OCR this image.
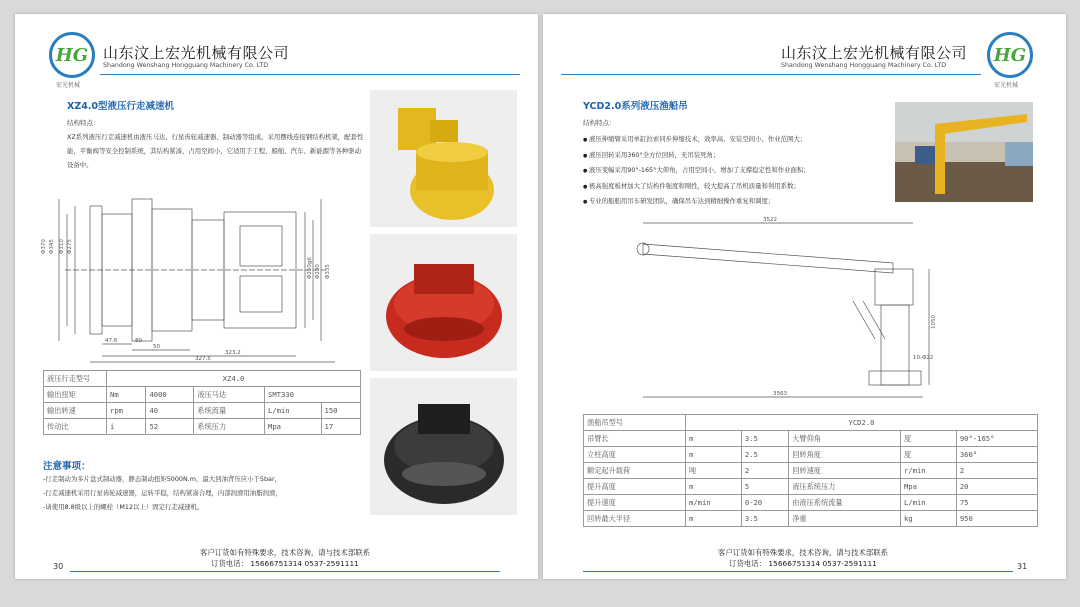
HG
宏光机械
山东汶上宏光机械有限公司
Shandong Wenshang Hongguang Machinery Co. LTD
XZ4.0型液压行走减速机
结构特点：
XZ系列液压行走减速机由液压马达、行星齿轮减速器、制动器等组成。采用摆线连接钢结构机架，配套性能，平衡阀等安全控制系统，其结构紧凑、占用空间小，它适用于工程、船舶、汽车、新能源等各种驱动设备中。
Φ370 Φ345 Φ310 Φ275
Φ250g6 Φ230 Φ335
47.6
50
80
323.2
327.5
液压行走型号	XZ4.0				
输出扭矩	Nm	4000	液压马达	SMT330	
输出转速	rpm	40	系统流量	L/min	150
传动比	i	52	系统压力	Mpa	17
注意事项：
-行走制动为多片盘式制动器，静态制动扭矩5000N.m，最大回油背压应小于5bar，
-行走减速机采用行星齿轮减速器，运转平稳，结构紧凑合理，内部润滑用油脂润滑，
-请使用8.8级以上的螺栓（M12以上）固定行走减速机。
客户订货如有特殊要求，技术咨询，请与技术部联系
订货电话： 15666751314 0537-2591111
30
山东汶上宏光机械有限公司
Shandong Wenshang Hongguang Machinery Co. LTD	HG
宏光机械
YCD2.0系列液压渔船吊
结构特点：
● 液压伸缩臂采用单缸拉索同步伸缩技术，效率高、安装空间小、作业范围大；
● 液压回转采用360°全方位回转，无吊装死角；
● 液压变幅采用90°-165°大仰角，占用空间小，增加了支撑稳定性和作业面积；
● 极高强度板材加大了结构件强度和刚性，较大提高了吊机质量和利用系数；
● 专业的船舶用吊车研发团队，确保吊车达到精细操作重复和调度；
3522
1050
3563
10-Φ22
渔船吊型号	YCD2.0				
吊臂长	m	3.5	大臂仰角	度	90°-165°
立柱高度	m	2.5	回转角度	度	360°
额定起升载荷	吨	2	回转速度	r/min	2
提升高度	m	5	液压系统压力	Mpa	20
提升速度	m/min	0-20	由液压系统流量	L/min	75
回转最大半径	m	3.5	净重	kg	950
客户订货如有特殊要求，技术咨询，请与技术部联系
订货电话： 15666751314 0537-2591111	31
